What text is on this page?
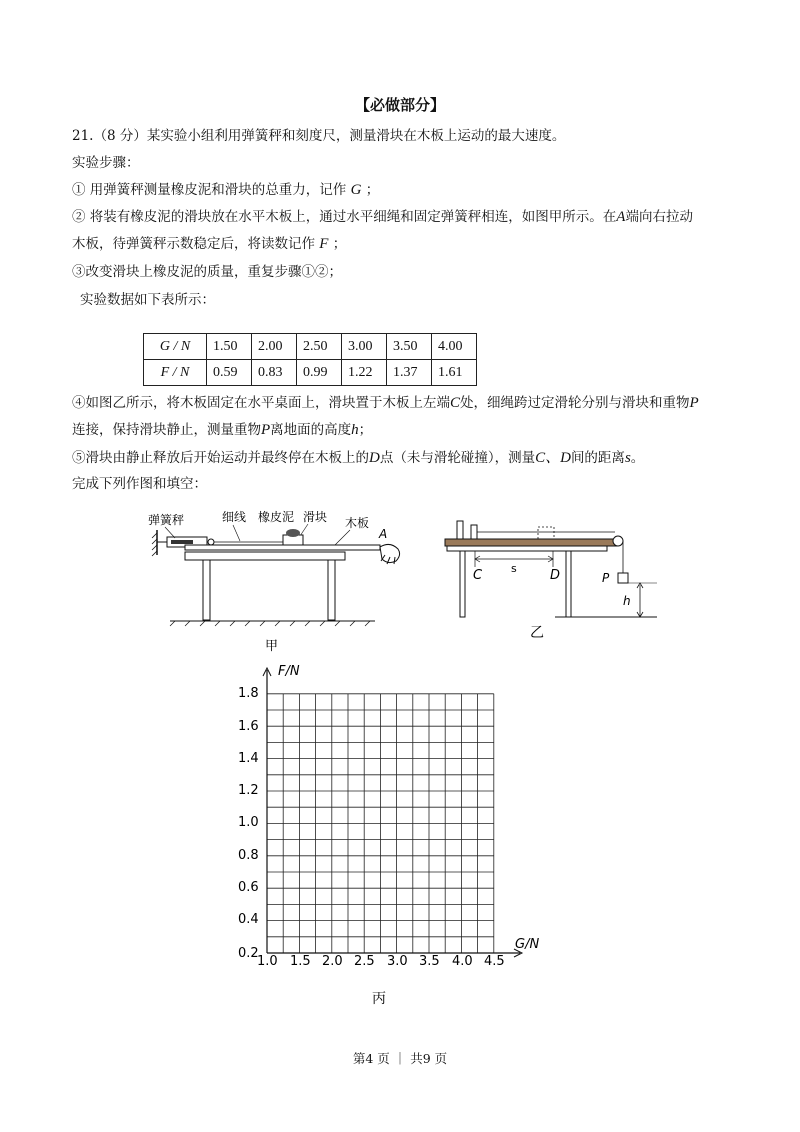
【必做部分】
21.（8 分）某实验小组利用弹簧秤和刻度尺，测量滑块在木板上运动的最大速度。
实验步骤：
① 用弹簧秤测量橡皮泥和滑块的总重力，记作 G ；
② 将装有橡皮泥的滑块放在水平木板上，通过水平细绳和固定弹簧秤相连，如图甲所示。在A端向右拉动
木板，待弹簧秤示数稳定后，将读数记作 F ；
③改变滑块上橡皮泥的质量，重复步骤①②；
实验数据如下表所示：
G / N	1.50	2.00	2.50	3.00	3.50	4.00
F / N	0.59	0.83	0.99	1.22	1.37	1.61
④如图乙所示，将木板固定在水平桌面上，滑块置于木板上左端C处，细绳跨过定滑轮分别与滑块和重物P
连接，保持滑块静止，测量重物P离地面的高度h；
⑤滑块由静止释放后开始运动并最终停在木板上的D点（未与滑轮碰撞），测量C、D间的距离s。
完成下列作图和填空：
弹簧秤	细线 橡皮泥 滑块 木板
A
甲
P
h
s
C	D
乙
F/N
G/N
1.8
1.6
1.4
1.2
1.0
0.8
0.6
0.4
0.2
1.0 1.5 2.0 2.5 3.0 3.5 4.0 4.5
丙
第4 页 ｜ 共9 页
